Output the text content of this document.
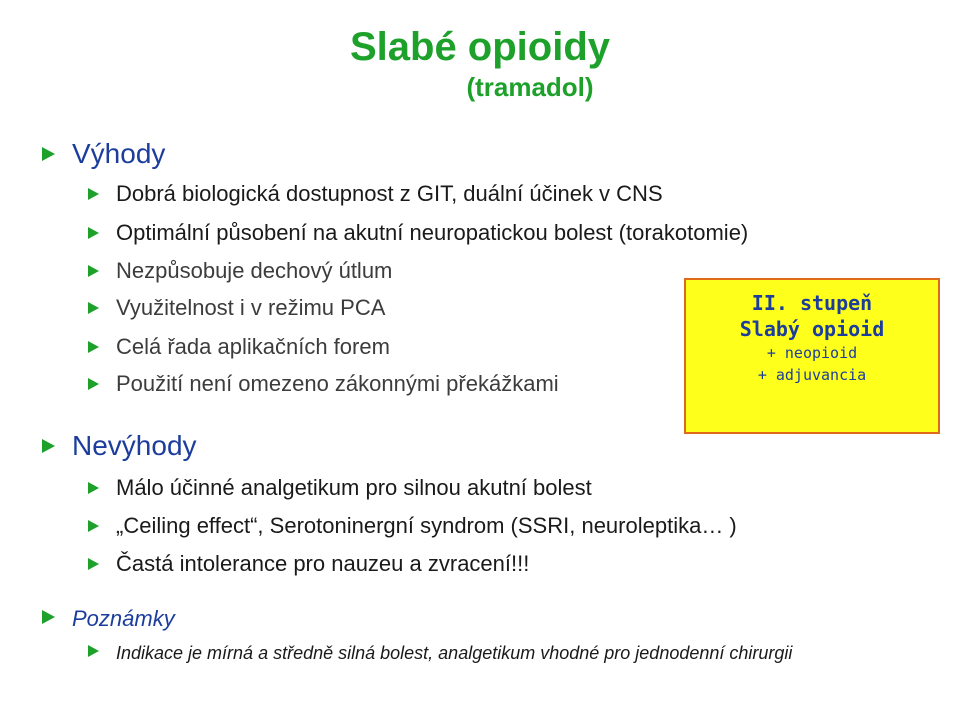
Slabé opioidy
(tramadol)
Výhody
Dobrá biologická dostupnost z GIT, duální účinek v CNS
Optimální působení na akutní neuropatickou bolest (torakotomie)
Nezpůsobuje dechový útlum
Využitelnost i v režimu PCA
Celá řada aplikačních forem
Použití není omezeno zákonnými překážkami
II. stupeň
Slabý opioid
+ neopioid
+ adjuvancia
Nevýhody
Málo účinné analgetikum pro silnou akutní bolest
„Ceiling effect“, Serotoninergní syndrom (SSRI, neuroleptika… )
Častá intolerance pro nauzeu a zvracení!!!
Poznámky
Indikace je mírná a středně silná bolest, analgetikum vhodné pro jednodenní chirurgii
